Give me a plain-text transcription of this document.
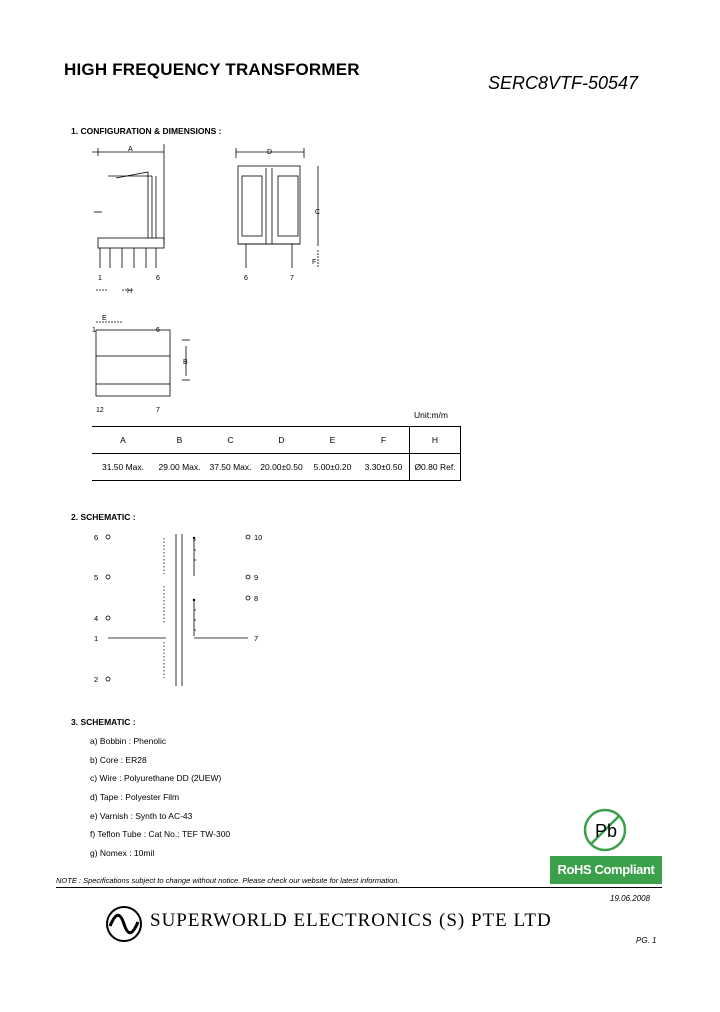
HIGH FREQUENCY TRANSFORMER
SERC8VTF-50547
1. CONFIGURATION & DIMENSIONS :
A	D
C
F
H
B
E
1	6	6	7
1	6
12	7	Unit:m/m
A	B	C	D	E	F	H
31.50 Max.	29.00 Max.	37.50 Max.	20.00±0.50	5.00±0.20	3.30±0.50	Ø0.80 Ref.
2. SCHEMATIC :
6
5
4
1
2
10
9
8
7
3. SCHEMATIC :
a) Bobbin : Phenolic
b) Core : ER28
c) Wire : Polyurethane DD (2UEW)
d) Tape : Polyester Film
e) Varnish : Synth to AC-43
f) Teflon Tube : Cat No.: TEF TW-300
g) Nomex : 10mil
Pb
RoHS Compliant
NOTE : Specifications subject to change without notice. Please check our website for latest information.
19.06.2008
SUPERWORLD ELECTRONICS (S) PTE LTD
PG. 1
